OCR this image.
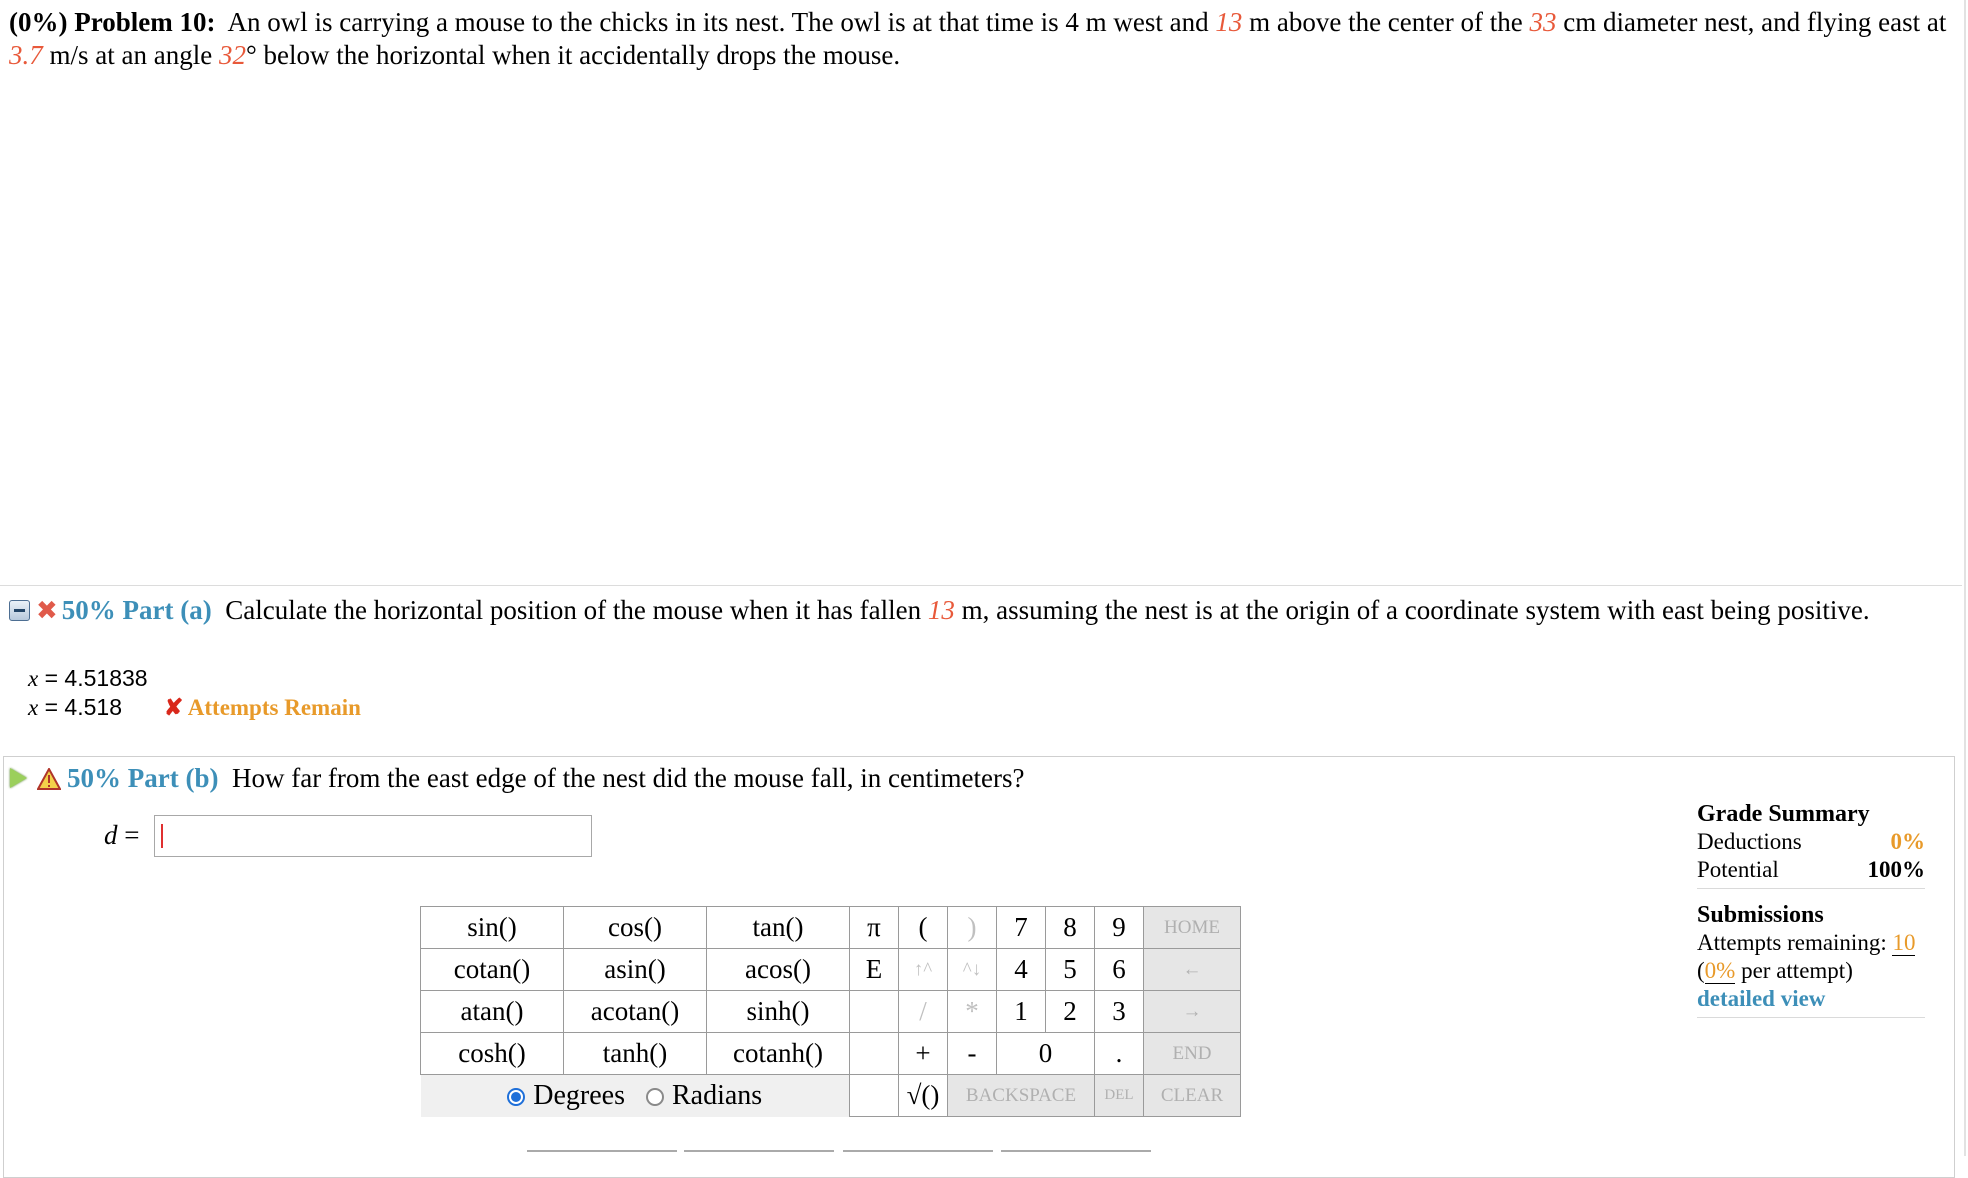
(0%) Problem 10: An owl is carrying a mouse to the chicks in its nest. The owl is at that time is 4 m west and 13 m above the center of the 33 cm diameter nest, and flying east at 3.7 m/s at an angle 32° below the horizontal when it accidentally drops the mouse.
✖ 50% Part (a) Calculate the horizontal position of the mouse when it has fallen 13 m, assuming the nest is at the origin of a coordinate system with east being positive.
x = 4.51838
x = 4.518 ✘ Attempts Remain
50% Part (b) How far from the east edge of the nest did the mouse fall, in centimeters?
d =
sin()	cos()	tan()	π	(	)	7	8	9	HOME
cotan()	asin()	acos()	E	↑^	^↓	4	5	6	←
atan()	acotan()	sinh()		/	*	1	2	3	→
cosh()	tanh()	cotanh()		+	-	0		.	END
Degrees Radians				√()	BACKSPACE			DEL	CLEAR
Grade Summary
Deductions	0%
Potential	100%
Submissions
Attempts remaining: 10
(0% per attempt)
detailed view
